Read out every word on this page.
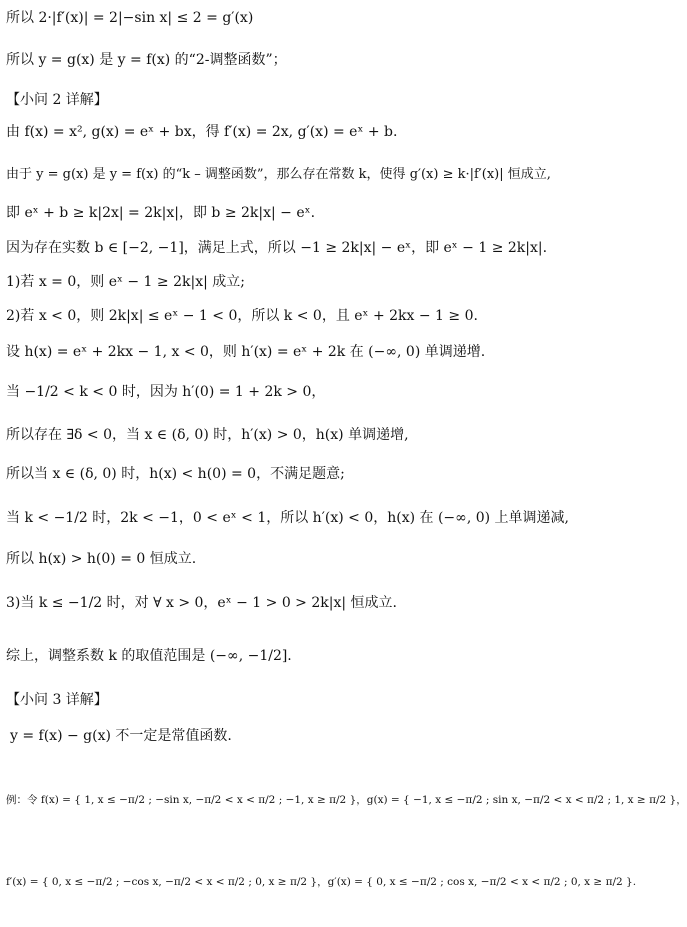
所以 2·|f′(x)| = 2|−sin x| ≤ 2 = g′(x)
所以 y = g(x) 是 y = f(x) 的“2-调整函数”；
【小问 2 详解】
由 f(x) = x², g(x) = eˣ + bx，得 f′(x) = 2x, g′(x) = eˣ + b.
由于 y = g(x) 是 y = f(x) 的“k – 调整函数”，那么存在常数 k，使得 g′(x) ≥ k·|f′(x)| 恒成立,
即 eˣ + b ≥ k|2x| = 2k|x|，即 b ≥ 2k|x| − eˣ.
因为存在实数 b ∈ [−2, −1]，满足上式，所以 −1 ≥ 2k|x| − eˣ，即 eˣ − 1 ≥ 2k|x|.
1)若 x = 0，则 eˣ − 1 ≥ 2k|x| 成立;
2)若 x < 0，则 2k|x| ≤ eˣ − 1 < 0，所以 k < 0，且 eˣ + 2kx − 1 ≥ 0.
设 h(x) = eˣ + 2kx − 1, x < 0，则 h′(x) = eˣ + 2k 在 (−∞, 0) 单调递增.
当 −1/2 < k < 0 时，因为 h′(0) = 1 + 2k > 0，
所以存在 ∃δ < 0，当 x ∈ (δ, 0) 时，h′(x) > 0，h(x) 单调递增,
所以当 x ∈ (δ, 0) 时，h(x) < h(0) = 0，不满足题意;
当 k < −1/2 时，2k < −1，0 < eˣ < 1，所以 h′(x) < 0，h(x) 在 (−∞, 0) 上单调递减,
所以 h(x) > h(0) = 0 恒成立.
3)当 k ≤ −1/2 时，对 ∀ x > 0，eˣ − 1 > 0 > 2k|x| 恒成立.
综上，调整系数 k 的取值范围是 (−∞, −1/2].
【小问 3 详解】
y = f(x) − g(x) 不一定是常值函数.
例：令 f(x) = { 1, x ≤ −π/2 ; −sin x, −π/2 < x < π/2 ; −1, x ≥ π/2 }，g(x) = { −1, x ≤ −π/2 ; sin x, −π/2 < x < π/2 ; 1, x ≥ π/2 }，
f′(x) = { 0, x ≤ −π/2 ; −cos x, −π/2 < x < π/2 ; 0, x ≥ π/2 }，g′(x) = { 0, x ≤ −π/2 ; cos x, −π/2 < x < π/2 ; 0, x ≥ π/2 }.
